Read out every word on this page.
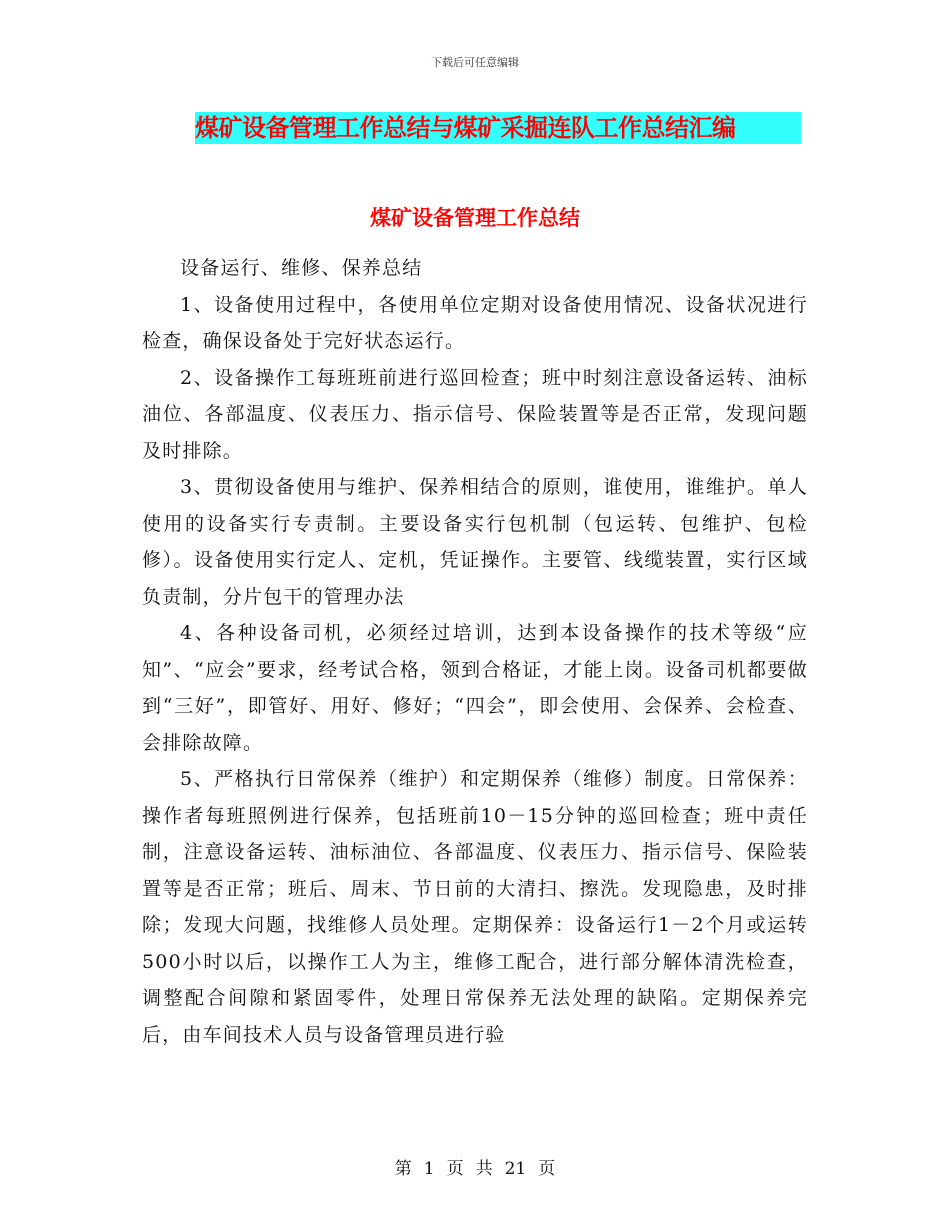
下载后可任意编辑
煤矿设备管理工作总结与煤矿采掘连队工作总结汇编
煤矿设备管理工作总结

设备运行、维修、保养总结

1、设备使用过程中，各使用单位定期对设备使用情况、设备状况进行检查，确保设备处于完好状态运行。

2、设备操作工每班班前进行巡回检查；班中时刻注意设备运转、油标油位、各部温度、仪表压力、指示信号、保险装置等是否正常，发现问题及时排除。

3、贯彻设备使用与维护、保养相结合的原则，谁使用，谁维护。单人使用的设备实行专责制。主要设备实行包机制（包运转、包维护、包检修）。设备使用实行定人、定机，凭证操作。主要管、线缆装置，实行区域负责制，分片包干的管理办法

4、各种设备司机，必须经过培训，达到本设备操作的技术等级“应知”、“应会”要求，经考试合格，领到合格证，才能上岗。设备司机都要做到“三好”，即管好、用好、修好；“四会”，即会使用、会保养、会检查、会排除故障。

5、严格执行日常保养（维护）和定期保养（维修）制度。日常保养：操作者每班照例进行保养，包括班前10－15分钟的巡回检查；班中责任制，注意设备运转、油标油位、各部温度、仪表压力、指示信号、保险装置等是否正常；班后、周末、节日前的大清扫、擦洗。发现隐患，及时排除；发现大问题，找维修人员处理。定期保养：设备运行1－2个月或运转500小时以后，以操作工人为主，维修工配合，进行部分解体清洗检查，调整配合间隙和紧固零件，处理日常保养无法处理的缺陷。定期保养完后，由车间技术人员与设备管理员进行验

第 1 页 共 21 页
